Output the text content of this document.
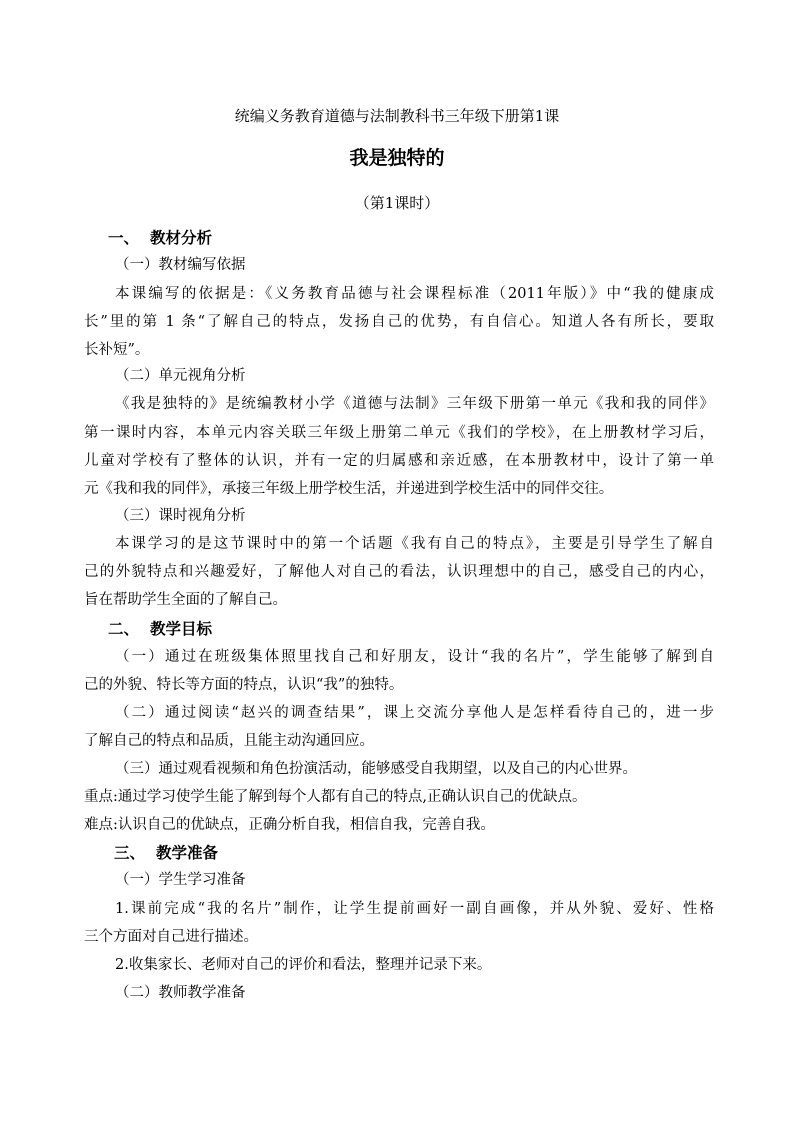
统编义务教育道德与法制教科书三年级下册第1课
我是独特的
（第1课时）
一、 教材分析
（一）教材编写依据
本课编写的依据是：《义务教育品德与社会课程标准（2011年版）》中“我的健康成
长”里的第 1 条“了解自己的特点，发扬自己的优势，有自信心。知道人各有所长，要取
长补短”。
（二）单元视角分析
《我是独特的》是统编教材小学《道德与法制》三年级下册第一单元《我和我的同伴》
第一课时内容，本单元内容关联三年级上册第二单元《我们的学校》，在上册教材学习后，
儿童对学校有了整体的认识，并有一定的归属感和亲近感，在本册教材中，设计了第一单
元《我和我的同伴》，承接三年级上册学校生活，并递进到学校生活中的同伴交往。
（三）课时视角分析
本课学习的是这节课时中的第一个话题《我有自己的特点》，主要是引导学生了解自
己的外貌特点和兴趣爱好，了解他人对自己的看法，认识理想中的自己，感受自己的内心，
旨在帮助学生全面的了解自己。
二、 教学目标
（一）通过在班级集体照里找自己和好朋友，设计“我的名片”，学生能够了解到自
己的外貌、特长等方面的特点，认识“我”的独特。
（二）通过阅读“赵兴的调查结果”，课上交流分享他人是怎样看待自己的，进一步
了解自己的特点和品质，且能主动沟通回应。
（三）通过观看视频和角色扮演活动，能够感受自我期望，以及自己的内心世界。
重点:通过学习使学生能了解到每个人都有自己的特点,正确认识自己的优缺点。
难点:认识自己的优缺点，正确分析自我，相信自我，完善自我。
三、 教学准备
（一）学生学习准备
1.课前完成“我的名片”制作，让学生提前画好一副自画像，并从外貌、爱好、性格
三个方面对自己进行描述。
2.收集家长、老师对自己的评价和看法，整理并记录下来。
（二）教师教学准备
